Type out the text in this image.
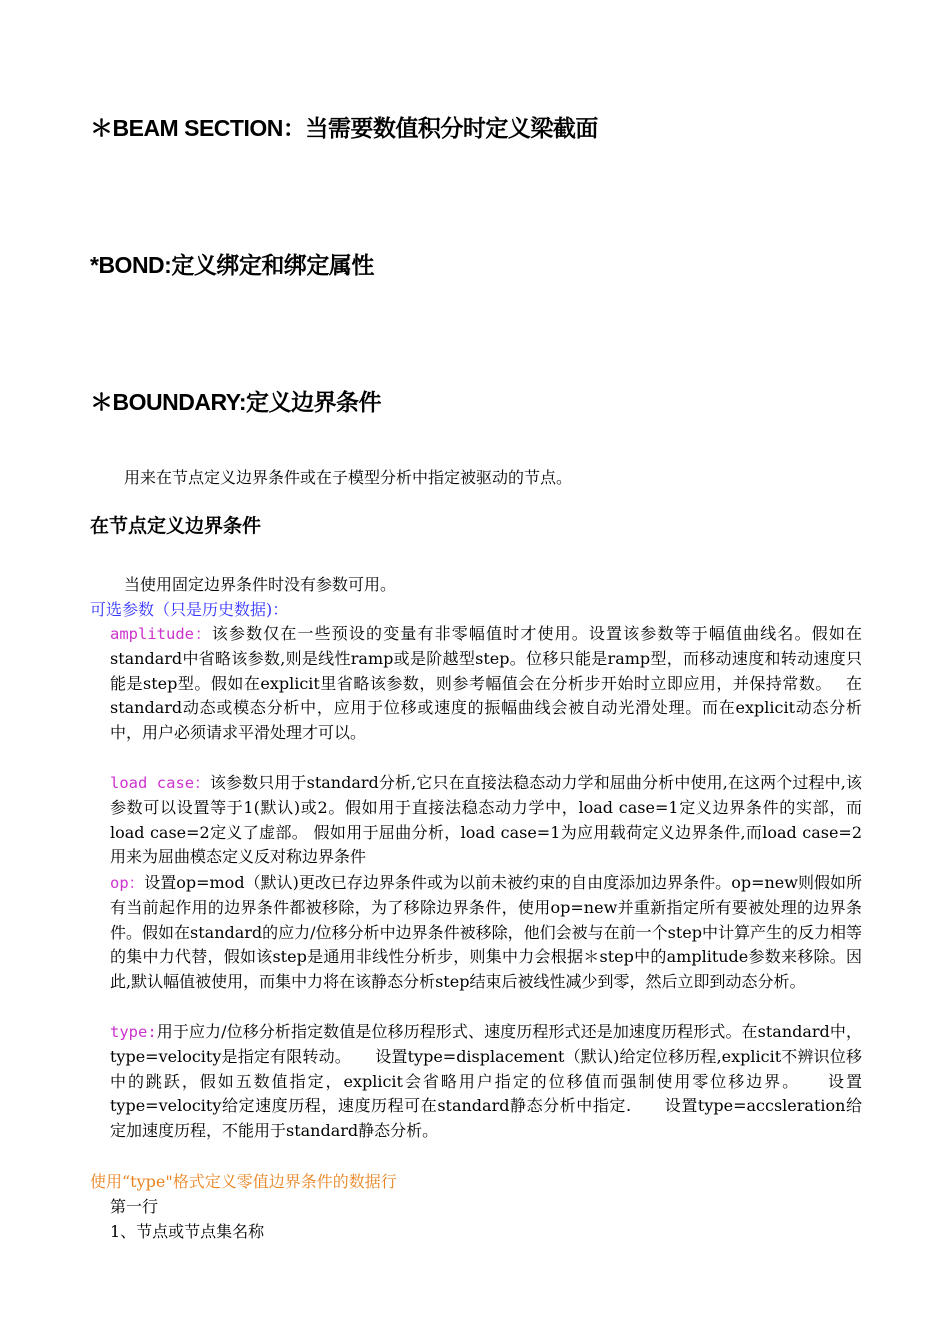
＊BEAM SECTION：当需要数值积分时定义梁截面
*BOND:定义绑定和绑定属性
＊BOUNDARY:定义边界条件
用来在节点定义边界条件或在子模型分析中指定被驱动的节点。
在节点定义边界条件
当使用固定边界条件时没有参数可用。
可选参数（只是历史数据)：
amplitude：该参数仅在一些预设的变量有非零幅值时才使用。设置该参数等于幅值曲线名。假如在standard中省略该参数,则是线性ramp或是阶越型step。位移只能是ramp型，而移动速度和转动速度只能是step型。假如在explicit里省略该参数，则参考幅值会在分析步开始时立即应用，并保持常数。　 在standard动态或模态分析中，应用于位移或速度的振幅曲线会被自动光滑处理。而在explicit动态分析中，用户必须请求平滑处理才可以。
load case：该参数只用于standard分析,它只在直接法稳态动力学和屈曲分析中使用,在这两个过程中,该参数可以设置等于1(默认)或2。假如用于直接法稳态动力学中，load case=1定义边界条件的实部，而load case=2定义了虚部。 假如用于屈曲分析，load case=1为应用载荷定义边界条件,而load case=2用来为屈曲模态定义反对称边界条件
op：设置op=mod（默认)更改已存边界条件或为以前未被约束的自由度添加边界条件。op=new则假如所有当前起作用的边界条件都被移除，为了移除边界条件，使用op=new并重新指定所有要被处理的边界条件。假如在standard的应力/位移分析中边界条件被移除，他们会被与在前一个step中计算产生的反力相等的集中力代替，假如该step是通用非线性分析步，则集中力会根据＊step中的amplitude参数来移除。因此,默认幅值被使用，而集中力将在该静态分析step结束后被线性减少到零，然后立即到动态分析。
type:用于应力/位移分析指定数值是位移历程形式、速度历程形式还是加速度历程形式。在standard中，type=velocity是指定有限转动。　　设置type=displacement（默认)给定位移历程,explicit不辨识位移中的跳跃，假如五数值指定，explicit会省略用户指定的位移值而强制使用零位移边界。　　设置type=velocity给定速度历程，速度历程可在standard静态分析中指定.　　设置type=accsleration给定加速度历程，不能用于standard静态分析。
使用“type"格式定义零值边界条件的数据行
第一行
1、节点或节点集名称
